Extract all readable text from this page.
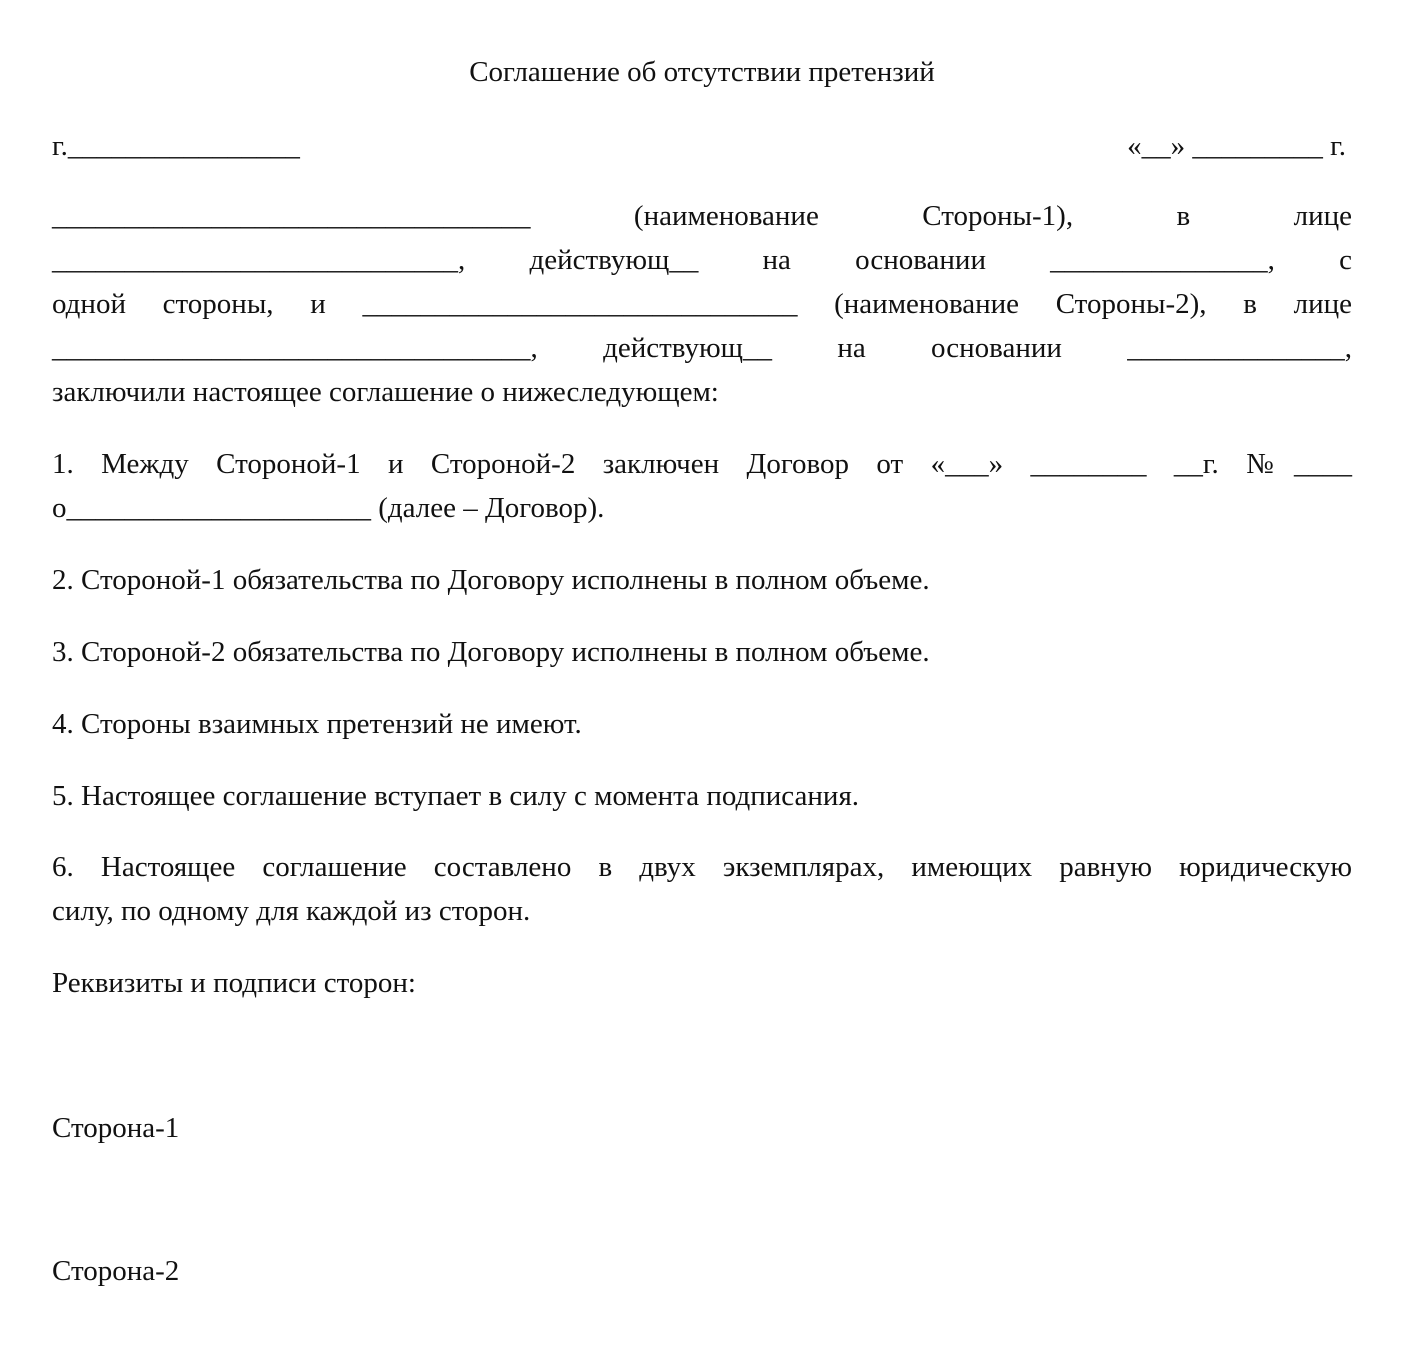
Соглашение об отсутствии претензий
г.________________	«__» _________ г.
_________________________________ (наименование Стороны-1), в лице
____________________________, действующ__ на основании _______________, с
одной стороны, и ______________________________ (наименование Стороны-2), в лице
_________________________________, действующ__ на основании _______________,
заключили настоящее соглашение о нижеследующем:
1. Между Стороной-1 и Стороной-2 заключен Договор от «___» ________ __г. №____
о_____________________ (далее – Договор).
2. Стороной-1 обязательства по Договору исполнены в полном объеме.
3. Стороной-2 обязательства по Договору исполнены в полном объеме.
4. Стороны взаимных претензий не имеют.
5. Настоящее соглашение вступает в силу с момента подписания.
6. Настоящее соглашение составлено в двух экземплярах, имеющих равную юридическую
силу, по одному для каждой из сторон.
Реквизиты и подписи сторон:
Сторона-1
Сторона-2
